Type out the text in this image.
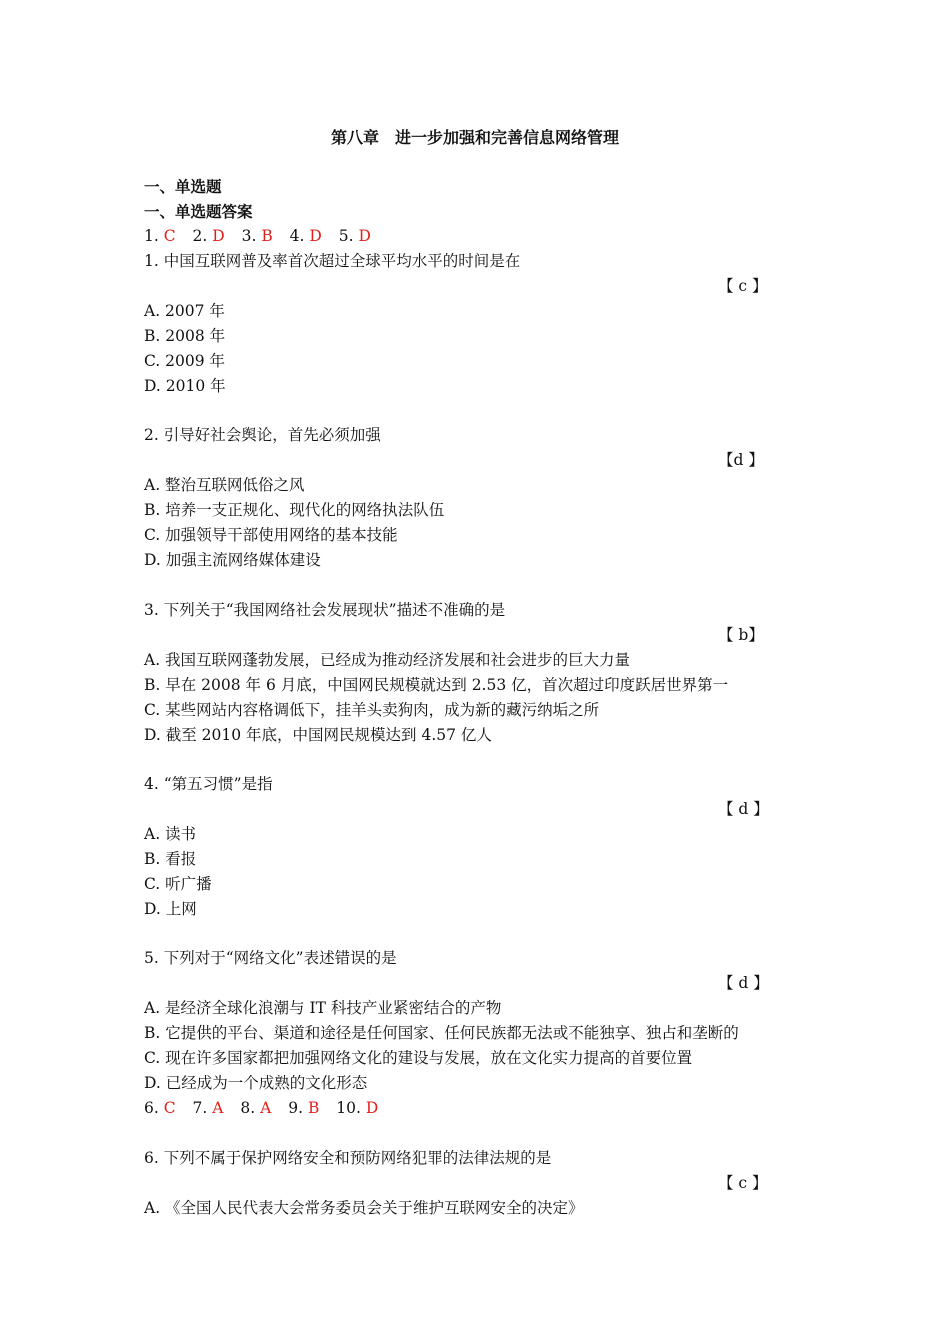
第八章　进一步加强和完善信息网络管理
一、单选题
一、单选题答案
1. C 2. D 3. B 4. D 5. D
1. 中国互联网普及率首次超过全球平均水平的时间是在
【 c 】
A. 2007 年
B. 2008 年
C. 2009 年
D. 2010 年
2. 引导好社会舆论，首先必须加强
【d 】
A. 整治互联网低俗之风
B. 培养一支正规化、现代化的网络执法队伍
C. 加强领导干部使用网络的基本技能
D. 加强主流网络媒体建设
3. 下列关于“我国网络社会发展现状”描述不准确的是
【 b】
A. 我国互联网蓬勃发展，已经成为推动经济发展和社会进步的巨大力量
B. 早在 2008 年 6 月底，中国网民规模就达到 2.53 亿，首次超过印度跃居世界第一
C. 某些网站内容格调低下，挂羊头卖狗肉，成为新的藏污纳垢之所
D. 截至 2010 年底，中国网民规模达到 4.57 亿人
4. “第五习惯”是指
【 d 】
A. 读书
B. 看报
C. 听广播
D. 上网
5. 下列对于“网络文化”表述错误的是
【 d 】
A. 是经济全球化浪潮与 IT 科技产业紧密结合的产物
B. 它提供的平台、渠道和途径是任何国家、任何民族都无法或不能独享、独占和垄断的
C. 现在许多国家都把加强网络文化的建设与发展，放在文化实力提高的首要位置
D. 已经成为一个成熟的文化形态
6. C 7. A 8. A 9. B 10. D
6. 下列不属于保护网络安全和预防网络犯罪的法律法规的是
【 c 】
A. 《全国人民代表大会常务委员会关于维护互联网安全的决定》
